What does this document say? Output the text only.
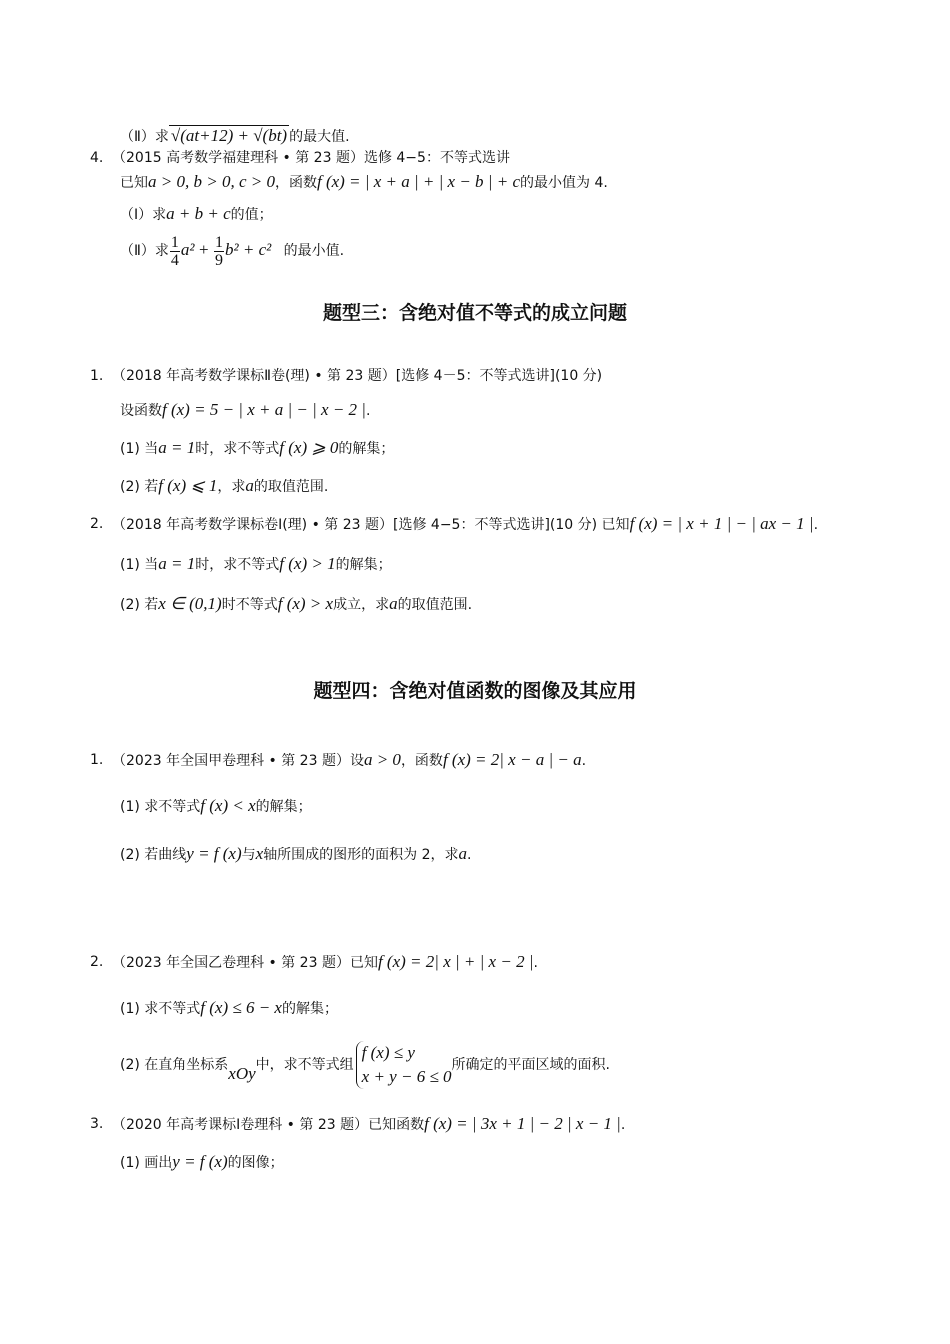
（Ⅱ）求 √(at+12) + √(bt) 的最大值.
4. （2015 高考数学福建理科 • 第 23 题）选修 4−5：不等式选讲
已知a > 0, b > 0, c > 0，函数f (x) = | x + a | + | x − b | + c的最小值为 4.
（Ⅰ）求a + b + c的值；
（Ⅱ）求 $\frac{1}{4} a^2 + \frac{1}{9} b^2 + c^2$ 的最小值.
题型三：含绝对值不等式的成立问题
1. （2018 年高考数学课标Ⅱ卷(理) • 第 23 题）[选修 4－5：不等式选讲](10 分)
设函数f (x) = 5 − | x + a | − | x − 2 |.
(1) 当a = 1时，求不等式f (x) ⩾ 0的解集；
(2) 若f (x) ⩽ 1，求a的取值范围.
2. （2018 年高考数学课标卷Ⅰ(理) • 第 23 题）[选修 4−5：不等式选讲](10 分) 已知f (x) = | x + 1 | − | ax − 1 |.
(1) 当a = 1时，求不等式f (x) > 1的解集；
(2) 若x ∈ (0,1)时不等式f (x) > x成立，求a的取值范围.
题型四：含绝对值函数的图像及其应用
1. （2023 年全国甲卷理科 • 第 23 题）设a > 0，函数f (x) = 2| x − a | − a.
(1) 求不等式f (x) < x的解集；
(2) 若曲线y = f (x)与x轴所围成的图形的面积为 2，求a.
2. （2023 年全国乙卷理科 • 第 23 题）已知f (x) = 2| x | + | x − 2 |.
(1) 求不等式f (x) ≤ 6 − x的解集；
(2) 在直角坐标系xOy中，求不等式组
f (x) ≤ y
x + y − 6 ≤ 0
所确定的平面区域的面积.
3. （2020 年高考课标Ⅰ卷理科 • 第 23 题）已知函数f (x) = | 3x + 1 | − 2 | x − 1 |.
(1) 画出y = f (x)的图像；
